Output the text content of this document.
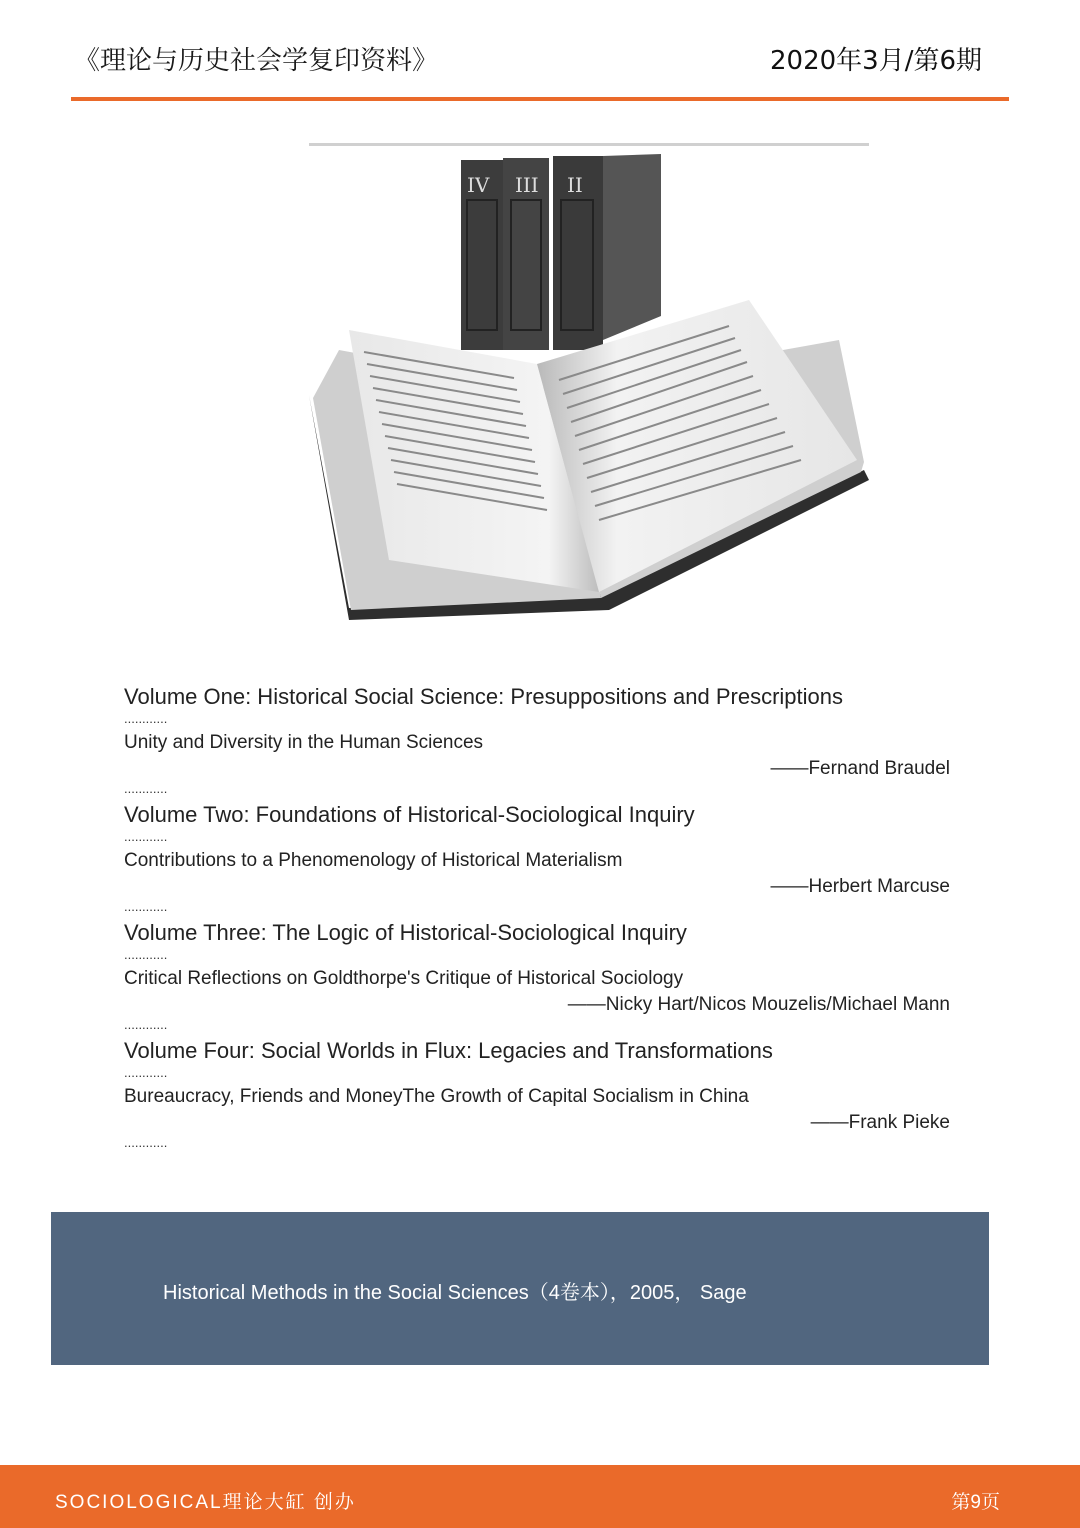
《理论与历史社会学复印资料》	2020年3月/第6期
IV III II
Volume One: Historical Social Science: Presuppositions and Prescriptions
............
Unity and Diversity in the Human Sciences
——Fernand Braudel
............
Volume Two: Foundations of Historical-Sociological Inquiry
............
Contributions to a Phenomenology of Historical Materialism
——Herbert Marcuse
............
Volume Three: The Logic of Historical-Sociological Inquiry
............
Critical Reflections on Goldthorpe's Critique of Historical Sociology
——Nicky Hart/Nicos Mouzelis/Michael Mann
............
Volume Four: Social Worlds in Flux: Legacies and Transformations
............
Bureaucracy, Friends and MoneyThe Growth of Capital Socialism in China
——Frank Pieke
............
Historical Methods in the Social Sciences（4卷本），2005， Sage
SOCIOLOGICAL理论大缸 创办	第9页
